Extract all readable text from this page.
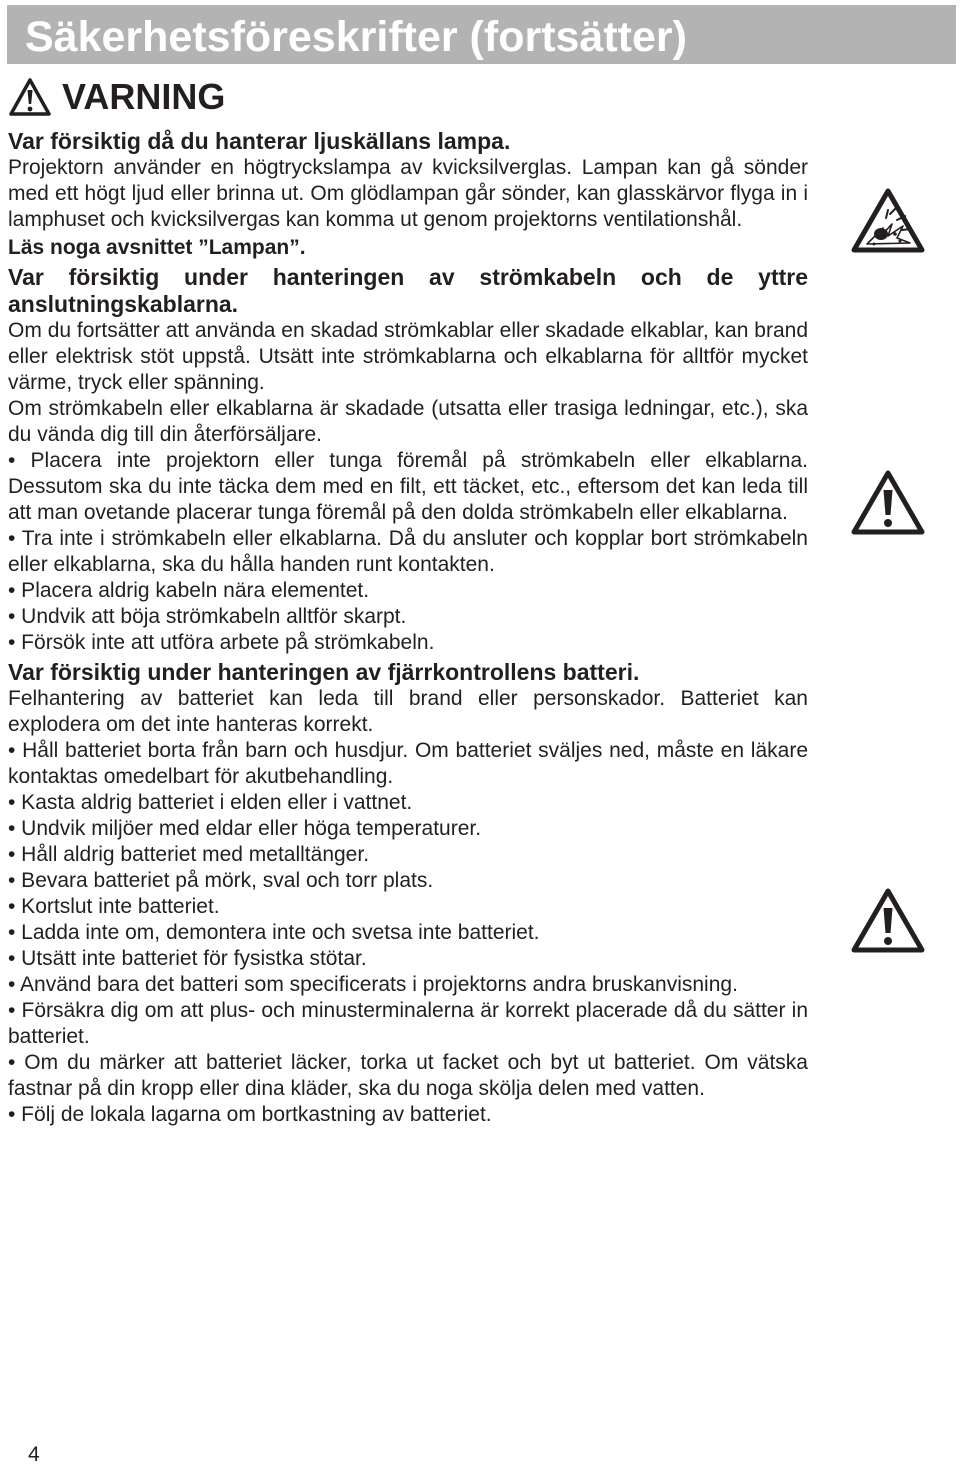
Säkerhetsföreskrifter (fortsätter)
VARNING

Var försiktig då du hanterar ljuskällans lampa.

Projektorn använder en högtryckslampa av kvicksilverglas. Lampan kan gå sönder med ett högt ljud eller brinna ut. Om glödlampan går sönder, kan glasskärvor flyga in i lamphuset och kvicksilvergas kan komma ut genom projektorns ventilationshål.

Läs noga avsnittet ”Lampan”.

Var försiktig under hanteringen av strömkabeln och de yttre anslutningskablarna.

Om du fortsätter att använda en skadad strömkablar eller skadade elkablar, kan brand eller elektrisk stöt uppstå. Utsätt inte strömkablarna och elkablarna för alltför mycket värme, tryck eller spänning.

Om strömkabeln eller elkablarna är skadade (utsatta eller trasiga ledningar, etc.), ska du vända dig till din återförsäljare.

• Placera inte projektorn eller tunga föremål på strömkabeln eller elkablarna. Dessutom ska du inte täcka dem med en filt, ett täcket, etc., eftersom det kan leda till att man ovetande placerar tunga föremål på den dolda strömkabeln eller elkablarna.

• Tra inte i strömkabeln eller elkablarna. Då du ansluter och kopplar bort strömkabeln eller elkablarna, ska du hålla handen runt kontakten.

• Placera aldrig kabeln nära elementet.

• Undvik att böja strömkabeln alltför skarpt.

• Försök inte att utföra arbete på strömkabeln.

Var försiktig under hanteringen av fjärrkontrollens batteri.

Felhantering av batteriet kan leda till brand eller personskador. Batteriet kan explodera om det inte hanteras korrekt.

• Håll batteriet borta från barn och husdjur. Om batteriet sväljes ned, måste en läkare kontaktas omedelbart för akutbehandling.

• Kasta aldrig batteriet i elden eller i vattnet.

• Undvik miljöer med eldar eller höga temperaturer.

• Håll aldrig batteriet med metalltänger.

• Bevara batteriet på mörk, sval och torr plats.

• Kortslut inte batteriet.

• Ladda inte om, demontera inte och svetsa inte batteriet.

• Utsätt inte batteriet för fysistka stötar.

• Använd bara det batteri som specificerats i projektorns andra bruskanvisning.

• Försäkra dig om att plus- och minusterminalerna är korrekt placerade då du sätter in batteriet.

• Om du märker att batteriet läcker, torka ut facket och byt ut batteriet. Om vätska fastnar på din kropp eller dina kläder, ska du noga skölja delen med vatten.

• Följ de lokala lagarna om bortkastning av batteriet.

4
